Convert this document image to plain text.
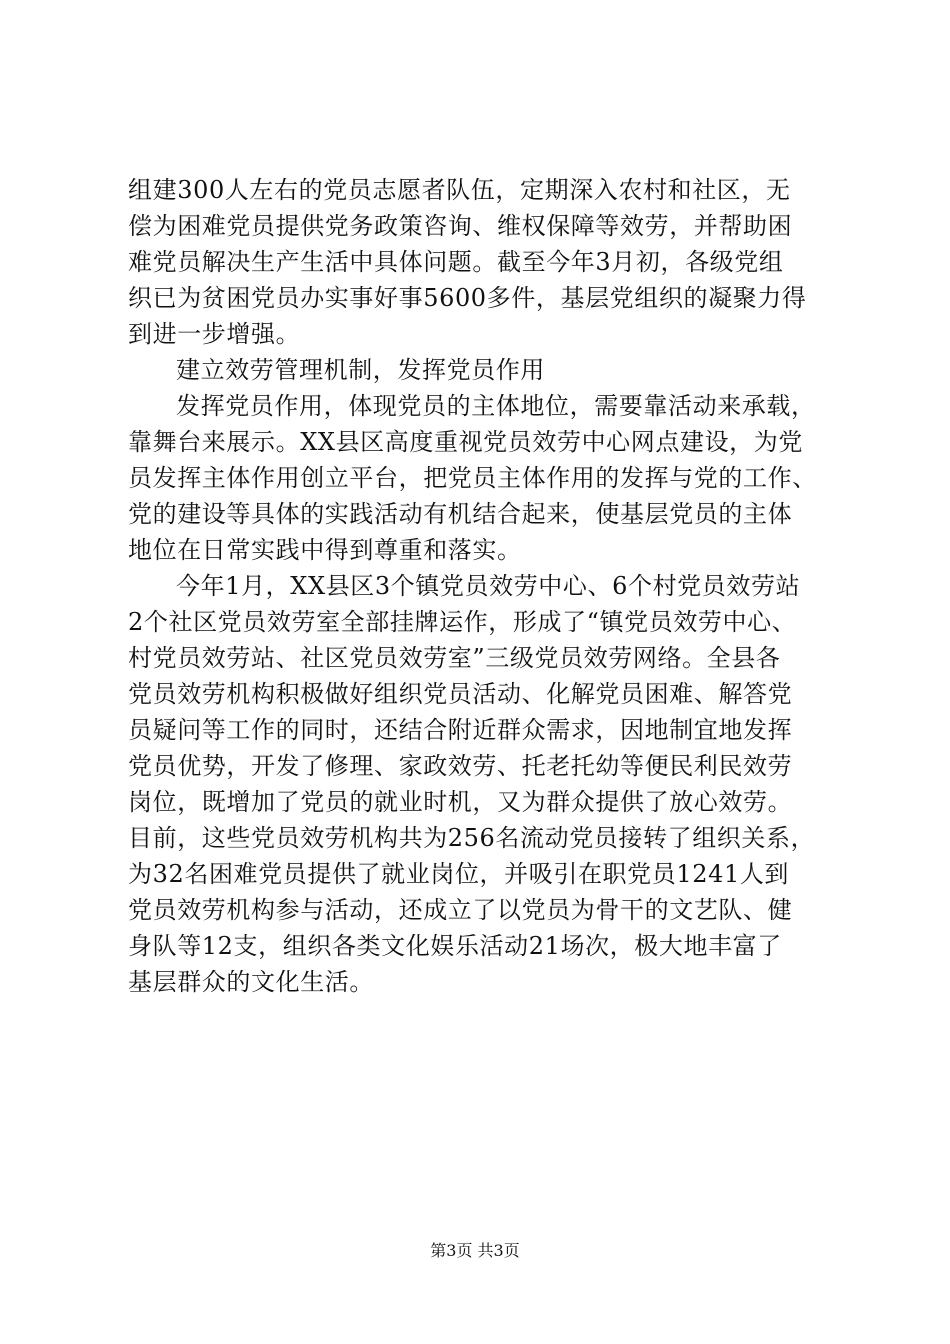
组建300人左右的党员志愿者队伍，定期深入农村和社区，无
偿为困难党员提供党务政策咨询、维权保障等效劳，并帮助困
难党员解决生产生活中具体问题。截至今年3月初，各级党组
织已为贫困党员办实事好事5600多件，基层党组织的凝聚力得
到进一步增强。
建立效劳管理机制，发挥党员作用
发挥党员作用，体现党员的主体地位，需要靠活动来承载，
靠舞台来展示。XX县区高度重视党员效劳中心网点建设，为党
员发挥主体作用创立平台，把党员主体作用的发挥与党的工作、
党的建设等具体的实践活动有机结合起来，使基层党员的主体
地位在日常实践中得到尊重和落实。
今年1月，XX县区3个镇党员效劳中心、6个村党员效劳站
2个社区党员效劳室全部挂牌运作，形成了“镇党员效劳中心、
村党员效劳站、社区党员效劳室”三级党员效劳网络。全县各
党员效劳机构积极做好组织党员活动、化解党员困难、解答党
员疑问等工作的同时，还结合附近群众需求，因地制宜地发挥
党员优势，开发了修理、家政效劳、托老托幼等便民利民效劳
岗位，既增加了党员的就业时机，又为群众提供了放心效劳。
目前，这些党员效劳机构共为256名流动党员接转了组织关系，
为32名困难党员提供了就业岗位，并吸引在职党员1241人到
党员效劳机构参与活动，还成立了以党员为骨干的文艺队、健
身队等12支，组织各类文化娱乐活动21场次，极大地丰富了
基层群众的文化生活。
第3页 共3页
